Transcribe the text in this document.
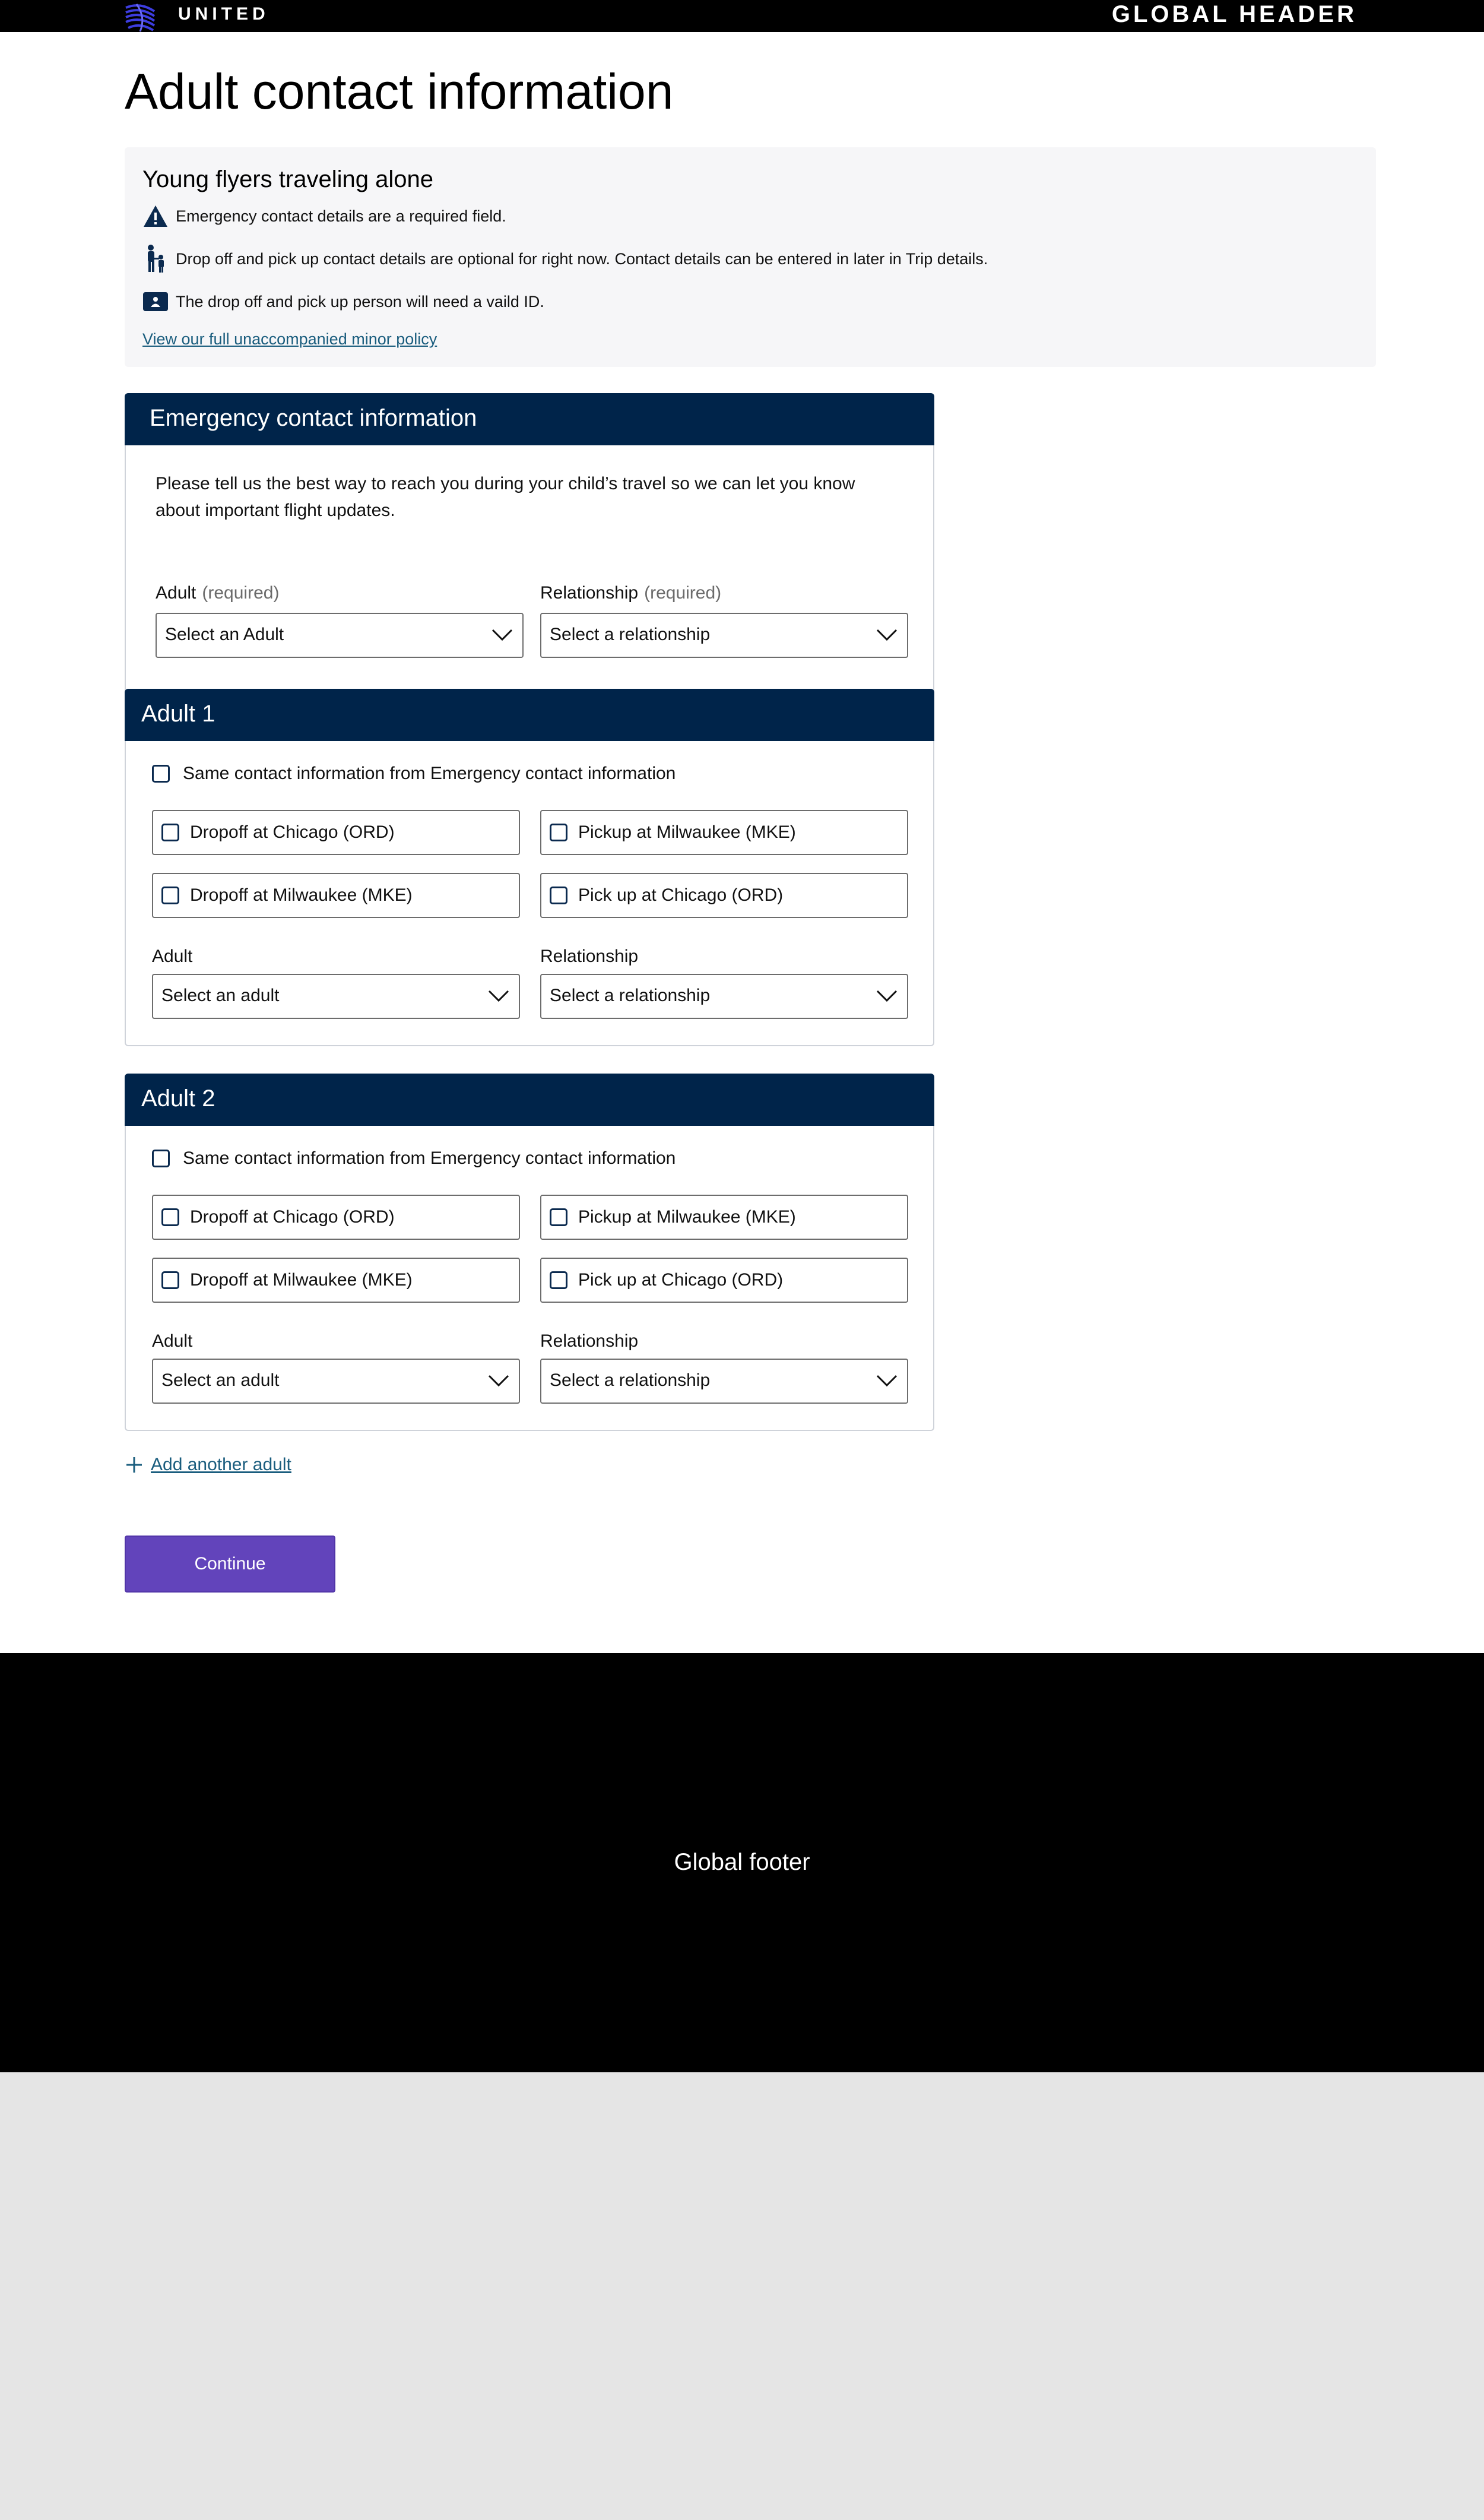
UNITED	GLOBAL HEADER
Adult contact information
Young flyers traveling alone
Emergency contact details are a required field.
Drop off and pick up contact details are optional for right now. Contact details can be entered in later in Trip details.
The drop off and pick up person will need a vaild ID.
View our full unaccompanied minor policy
Emergency contact information

Please tell us the best way to reach you during your child’s travel so we can let you know about important flight updates.

Adult (required)	Relationship (required)
Select an Adult	Select a relationship
Adult 1
Same contact information from Emergency contact information
Dropoff at Chicago (ORD)	Pickup at Milwaukee (MKE)
Dropoff at Milwaukee (MKE)	Pick up at Chicago (ORD)
Adult	Relationship
Select an adult	Select a relationship
Adult 2
Same contact information from Emergency contact information
Dropoff at Chicago (ORD)	Pickup at Milwaukee (MKE)
Dropoff at Milwaukee (MKE)	Pick up at Chicago (ORD)
Adult	Relationship
Select an adult	Select a relationship
Add another adult
Continue
Global footer
